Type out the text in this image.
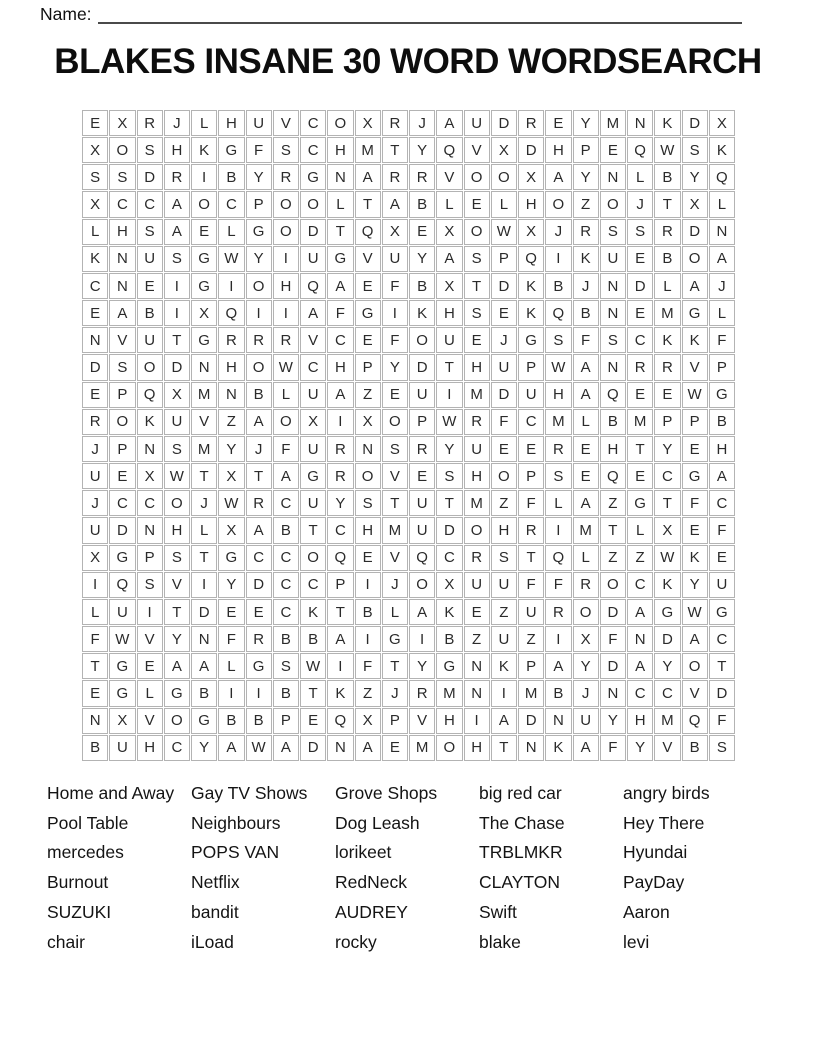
Name:
BLAKES INSANE 30 WORD WORDSEARCH
E	X	R	J	L	H	U	V	C	O	X	R	J	A	U	D	R	E	Y	M	N	K	D	X
X	O	S	H	K	G	F	S	C	H	M	T	Y	Q	V	X	D	H	P	E	Q W	S	K
S	S	D	R	I	B	Y	R	G	N	A	R	R	V	O	O	X	A	Y	N	L	B	Y	Q
X	C	C	A	O	C	P	O	O	L	T	A	B	L	E	L	H	O	Z	O	J	T	X	L
L	H	S	A	E	L	G	O	D	T	Q	X	E	X	O W	X	J	R	S	S	R	D	N
K	N	U	S	G W	Y	I	U	G	V	U	Y	A	S	P	Q	I	K	U	E	B	O	A
C	N	E	I	G	I	O	H	Q	A	E	F	B	X	T	D	K	B	J	N	D	L	A	J
E	A	B	I	X	Q	I	I	A	F	G	I	K	H	S	E	K	Q	B	N	E	M	G	L
N	V	U	T	G	R	R	R	V	C	E	F	O	U	E	J	G	S	F	S	C	K	K	F
D	S	O	D	N	H	O W C	H	P	Y	D	T	H	U	P	W	A	N	R	R	V	P
E	P	Q	X	M	N	B	L	U	A	Z	E	U	I	M	D	U	H	A	Q	E	E	W G
R	O	K	U	V	Z	A	O	X	I	X	O	P	W R	F	C	M	L	B	M	P	P	B
J	P	N	S	M	Y	J	F	U	R	N	S	R	Y	U	E	E	R	E	H	T	Y	E	H
U	E	X	W	T	X	T	A	G	R	O	V	E	S	H	O	P	S	E	Q	E	C	G	A
J	C	C	O	J	W R	C	U	Y	S	T	U	T	M	Z	F	L	A	Z	G	T	F	C
U	D	N	H	L	X	A	B	T	C	H	M	U	D	O	H	R	I	M	T	L	X	E	F
X	G	P	S	T	G	C	C	O	Q	E	V	Q	C	R	S	T	Q	L	Z	Z	W	K	E
I	Q	S	V	I	Y	D	C	C	P	I	J	O	X	U	U	F	F	R	O	C	K	Y	U
L	U	I	T	D	E	E	C	K	T	B	L	A	K	E	Z	U	R	O	D	A	G W G
F	W	V	Y	N	F	R	B	B	A	I	G	I	B	Z	U	Z	I	X	F	N	D	A	C
T	G	E	A	A	L	G	S	W	I	F	T	Y	G	N	K	P	A	Y	D	A	Y	O	T
E	G	L	G	B	I	I	B	T	K	Z	J	R	M	N	I	M	B	J	N	C	C	V	D
N	X	V	O	G	B	B	P	E	Q	X	P	V	H	I	A	D	N	U	Y	H	M	Q	F
B	U	H	C	Y	A	W	A	D	N	A	E	M	O	H	T	N	K	A	F	Y	V	B	S
Home and Away
Pool Table
mercedes
Burnout
SUZUKI
chair
Gay TV Shows
Neighbours
POPS VAN
Netflix
bandit
iLoad
Grove Shops
Dog Leash
lorikeet
RedNeck
AUDREY
rocky
big red car
The Chase
TRBLMKR
CLAYTON
Swift
blake
angry birds
Hey There
Hyundai
PayDay
Aaron
levi
